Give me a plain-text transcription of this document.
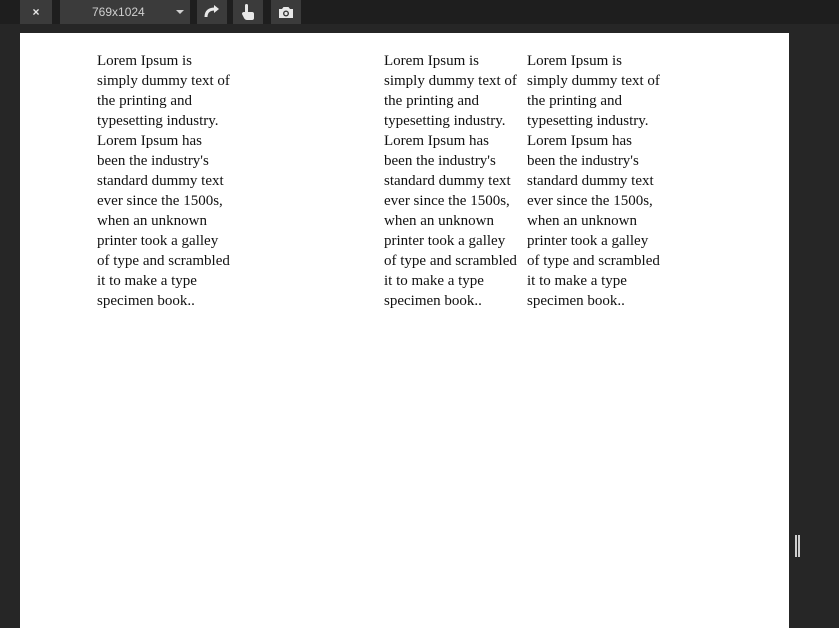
×	769x1024

Lorem Ipsum is
simply dummy text of
the printing and
typesetting industry.
Lorem Ipsum has
been the industry's
standard dummy text
ever since the 1500s,
when an unknown
printer took a galley
of type and scrambled
it to make a type
specimen book..

Lorem Ipsum is
simply dummy text of
the printing and
typesetting industry.
Lorem Ipsum has
been the industry's
standard dummy text
ever since the 1500s,
when an unknown
printer took a galley
of type and scrambled
it to make a type
specimen book..

Lorem Ipsum is
simply dummy text of
the printing and
typesetting industry.
Lorem Ipsum has
been the industry's
standard dummy text
ever since the 1500s,
when an unknown
printer took a galley
of type and scrambled
it to make a type
specimen book..
